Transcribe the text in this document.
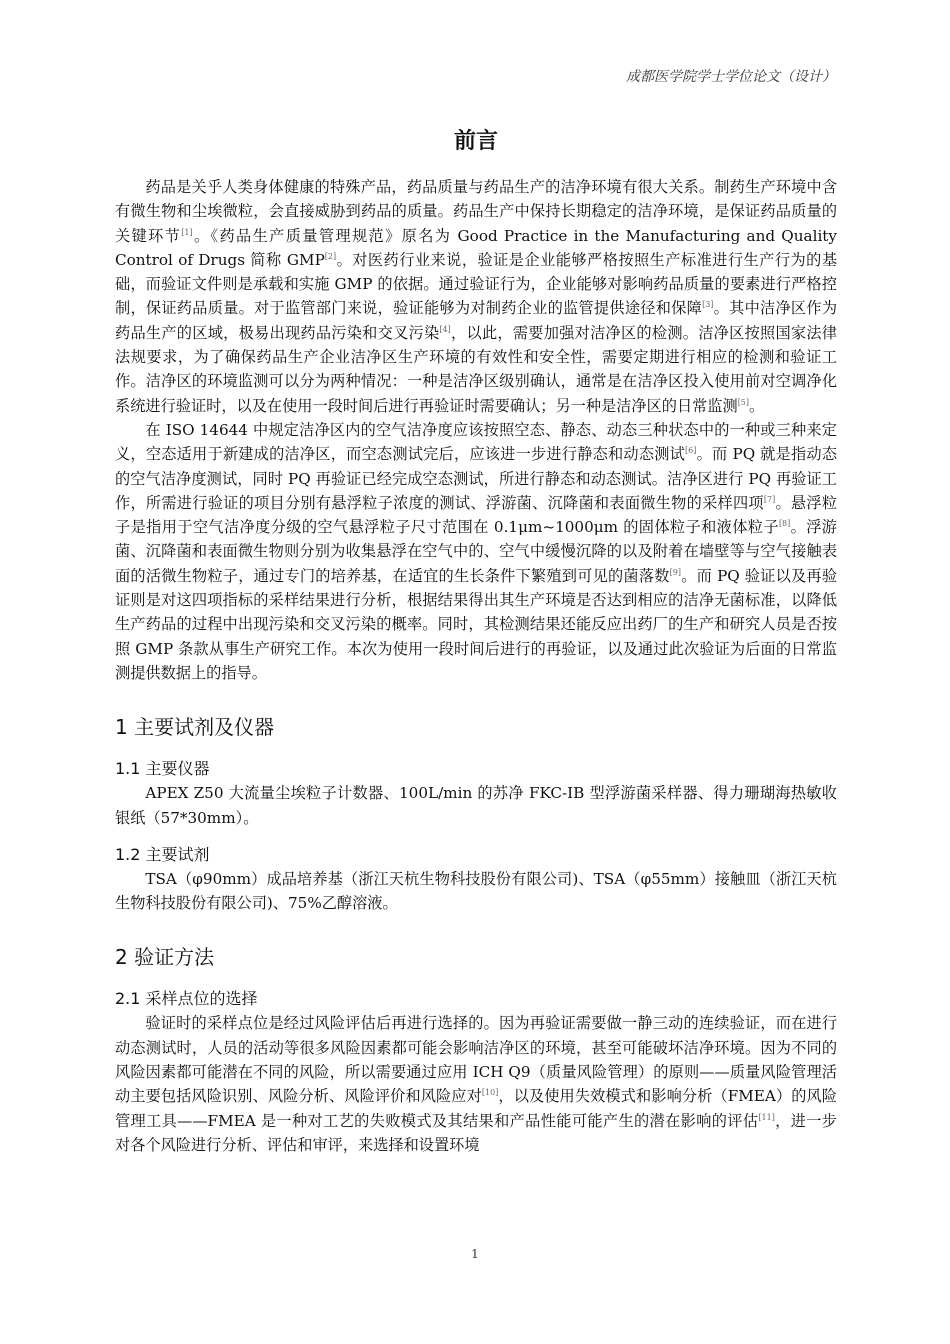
成都医学院学士学位论文（设计）
前言

药品是关乎人类身体健康的特殊产品，药品质量与药品生产的洁净环境有很大关系。制药生产环境中含有微生物和尘埃微粒，会直接威胁到药品的质量。药品生产中保持长期稳定的洁净环境，是保证药品质量的关键环节[1]。《药品生产质量管理规范》原名为 Good Practice in the Manufacturing and Quality Control of Drugs 简称 GMP[2]。对医药行业来说，验证是企业能够严格按照生产标准进行生产行为的基础，而验证文件则是承载和实施 GMP 的依据。通过验证行为，企业能够对影响药品质量的要素进行严格控制，保证药品质量。对于监管部门来说，验证能够为对制药企业的监管提供途径和保障[3]。其中洁净区作为药品生产的区域，极易出现药品污染和交叉污染[4]，以此，需要加强对洁净区的检测。洁净区按照国家法律法规要求，为了确保药品生产企业洁净区生产环境的有效性和安全性，需要定期进行相应的检测和验证工作。洁净区的环境监测可以分为两种情况：一种是洁净区级别确认，通常是在洁净区投入使用前对空调净化系统进行验证时，以及在使用一段时间后进行再验证时需要确认；另一种是洁净区的日常监测[5]。

在 ISO 14644 中规定洁净区内的空气洁净度应该按照空态、静态、动态三种状态中的一种或三种来定义，空态适用于新建成的洁净区，而空态测试完后，应该进一步进行静态和动态测试[6]。而 PQ 就是指动态的空气洁净度测试，同时 PQ 再验证已经完成空态测试，所进行静态和动态测试。洁净区进行 PQ 再验证工作，所需进行验证的项目分别有悬浮粒子浓度的测试、浮游菌、沉降菌和表面微生物的采样四项[7]。悬浮粒子是指用于空气洁净度分级的空气悬浮粒子尺寸范围在 0.1μm~1000μm 的固体粒子和液体粒子[8]。浮游菌、沉降菌和表面微生物则分别为收集悬浮在空气中的、空气中缓慢沉降的以及附着在墙壁等与空气接触表面的活微生物粒子，通过专门的培养基，在适宜的生长条件下繁殖到可见的菌落数[9]。而 PQ 验证以及再验证则是对这四项指标的采样结果进行分析，根据结果得出其生产环境是否达到相应的洁净无菌标准，以降低生产药品的过程中出现污染和交叉污染的概率。同时，其检测结果还能反应出药厂的生产和研究人员是否按照 GMP 条款从事生产研究工作。本次为使用一段时间后进行的再验证，以及通过此次验证为后面的日常监测提供数据上的指导。

1 主要试剂及仪器
1.1 主要仪器

APEX Z50 大流量尘埃粒子计数器、100L/min 的苏净 FKC-IB 型浮游菌采样器、得力珊瑚海热敏收银纸（57*30mm）。

1.2 主要试剂

TSA（φ90mm）成品培养基（浙江天杭生物科技股份有限公司)、TSA（φ55mm）接触皿（浙江天杭生物科技股份有限公司)、75%乙醇溶液。

2 验证方法
2.1 采样点位的选择

验证时的采样点位是经过风险评估后再进行选择的。因为再验证需要做一静三动的连续验证，而在进行动态测试时，人员的活动等很多风险因素都可能会影响洁净区的环境，甚至可能破坏洁净环境。因为不同的风险因素都可能潜在不同的风险，所以需要通过应用 ICH Q9（质量风险管理）的原则——质量风险管理活动主要包括风险识别、风险分析、风险评价和风险应对[10]，以及使用失效模式和影响分析（FMEA）的风险管理工具——FMEA 是一种对工艺的失败模式及其结果和产品性能可能产生的潜在影响的评估[11]，进一步对各个风险进行分析、评估和审评，来选择和设置环境

1
